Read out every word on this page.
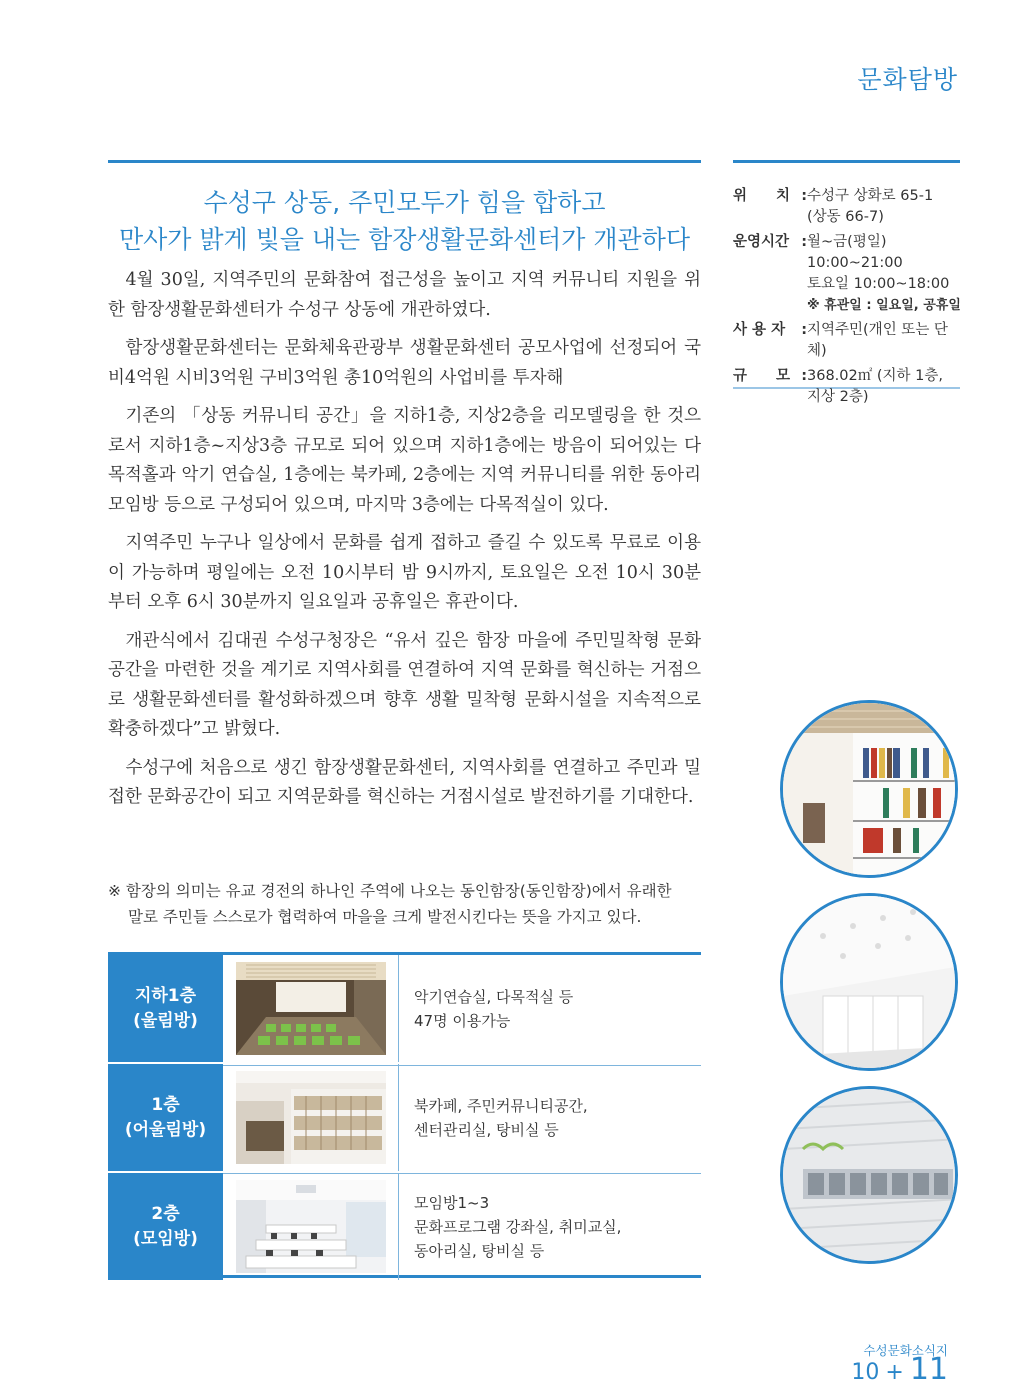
문화탐방
수성구 상동, 주민모두가 힘을 합하고
만사가 밝게 빛을 내는 함장생활문화센터가 개관하다

4월 30일, 지역주민의 문화참여 접근성을 높이고 지역 커뮤니티 지원을 위한 함장생활문화센터가 수성구 상동에 개관하였다.

함장생활문화센터는 문화체육관광부 생활문화센터 공모사업에 선정되어 국비4억원 시비3억원 구비3억원 총10억원의 사업비를 투자해

기존의 「상동 커뮤니티 공간」을 지하1층, 지상2층을 리모델링을 한 것으로서 지하1층~지상3층 규모로 되어 있으며 지하1층에는 방음이 되어있는 다목적홀과 악기 연습실, 1층에는 북카페, 2층에는 지역 커뮤니티를 위한 동아리 모임방 등으로 구성되어 있으며, 마지막 3층에는 다목적실이 있다.

지역주민 누구나 일상에서 문화를 쉽게 접하고 즐길 수 있도록 무료로 이용이 가능하며 평일에는 오전 10시부터 밤 9시까지, 토요일은 오전 10시 30분부터 오후 6시 30분까지 일요일과 공휴일은 휴관이다.

개관식에서 김대권 수성구청장은 “유서 깊은 함장 마을에 주민밀착형 문화공간을 마련한 것을 계기로 지역사회를 연결하여 지역 문화를 혁신하는 거점으로 생활문화센터를 활성화하겠으며 향후 생활 밀착형 문화시설을 지속적으로 확충하겠다”고 밝혔다.

수성구에 처음으로 생긴 함장생활문화센터, 지역사회를 연결하고 주민과 밀접한 문화공간이 되고 지역문화를 혁신하는 거점시설로 발전하기를 기대한다.

※ 함장의 의미는 유교 경전의 하나인 주역에 나오는 동인함장(동인함장)에서 유래한
말로 주민들 스스로가 협력하여 마을을 크게 발전시킨다는 뜻을 가지고 있다.
위　　치 : 수성구 상화로 65-1
(상동 66-7)
운영시간 : 월~금(평일) 10:00~21:00
토요일 10:00~18:00
※ 휴관일 : 일요일, 공휴일
사 용 자 : 지역주민(개인 또는 단체)
규　　모 : 368.02㎡ (지하 1층,
지상 2층)
지하1층
(울림방)
악기연습실, 다목적실 등
47명 이용가능
1층
(어울림방)
북카페, 주민커뮤니티공간,
센터관리실, 탕비실 등
2층
(모임방)
모임방1~3
문화프로그램 강좌실, 취미교실,
동아리실, 탕비실 등
수성문화소식지
10 + 11
